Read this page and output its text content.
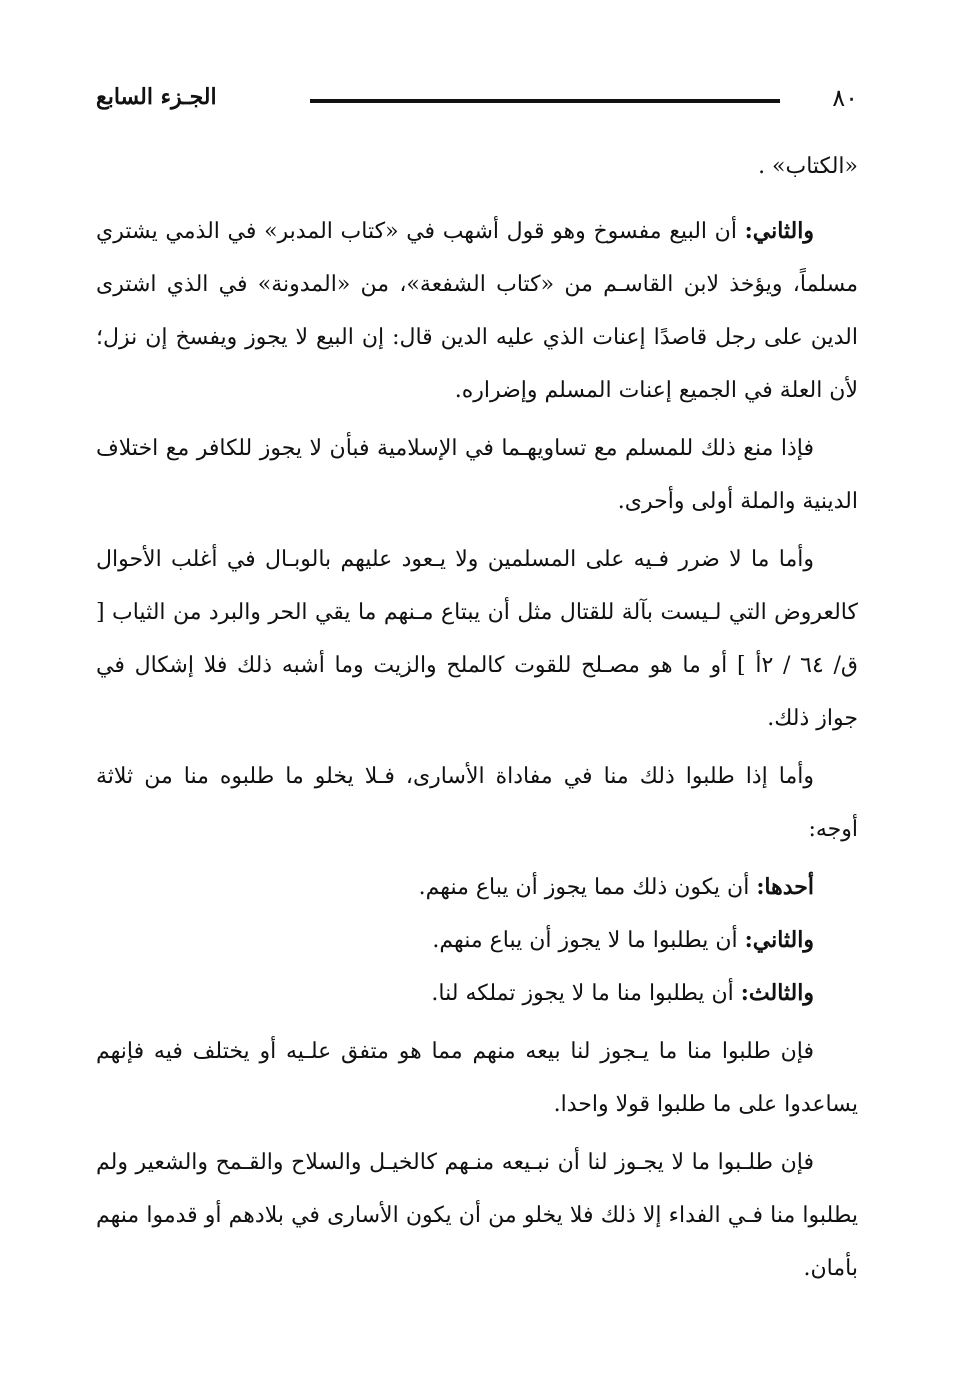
٨٠
الجـزء السابع

«الكتاب» .

والثاني: أن البيع مفسوخ وهو قول أشهب في «كتاب المدبر» في الذمي يشتري مسلماً، ويؤخذ لابن القاسـم من «كتاب الشفعة»، من «المدونة» في الذي اشترى الدين على رجل قاصدًا إعنات الذي عليه الدين قال: إن البيع لا يجوز ويفسخ إن نزل؛ لأن العلة في الجميع إعنات المسلم وإضراره.

فإذا منع ذلك للمسلم مع تساويهـما في الإسلامية فبأن لا يجوز للكافر مع اختلاف الدينية والملة أولى وأحرى.

وأما ما لا ضرر فـيه على المسلمين ولا يـعود عليهم بالوبـال في أغلب الأحوال كالعروض التي لـيست بآلة للقتال مثل أن يبتاع مـنهم ما يقي الحر والبرد من الثياب [ ق/ ٦٤ / ٢أ ] أو ما هو مصـلح للقوت كالملح والزيت وما أشبه ذلك فلا إشكال في جواز ذلك.

وأما إذا طلبوا ذلك منا في مفاداة الأسارى، فـلا يخلو ما طلبوه منا من ثلاثة أوجه:

أحدها: أن يكون ذلك مما يجوز أن يباع منهم.

والثاني: أن يطلبوا ما لا يجوز أن يباع منهم.

والثالث: أن يطلبوا منا ما لا يجوز تملكه لنا.

فإن طلبوا منا ما يـجوز لنا بيعه منهم مما هو متفق علـيه أو يختلف فيه فإنهم يساعدوا على ما طلبوا قولا واحدا.

فإن طلـبوا ما لا يجـوز لنا أن نبـيعه منـهم كالخيـل والسلاح والقـمح والشعير ولم يطلبوا منا فـي الفداء إلا ذلك فلا يخلو من أن يكون الأسارى في بلادهم أو قدموا منهم بأمان.
